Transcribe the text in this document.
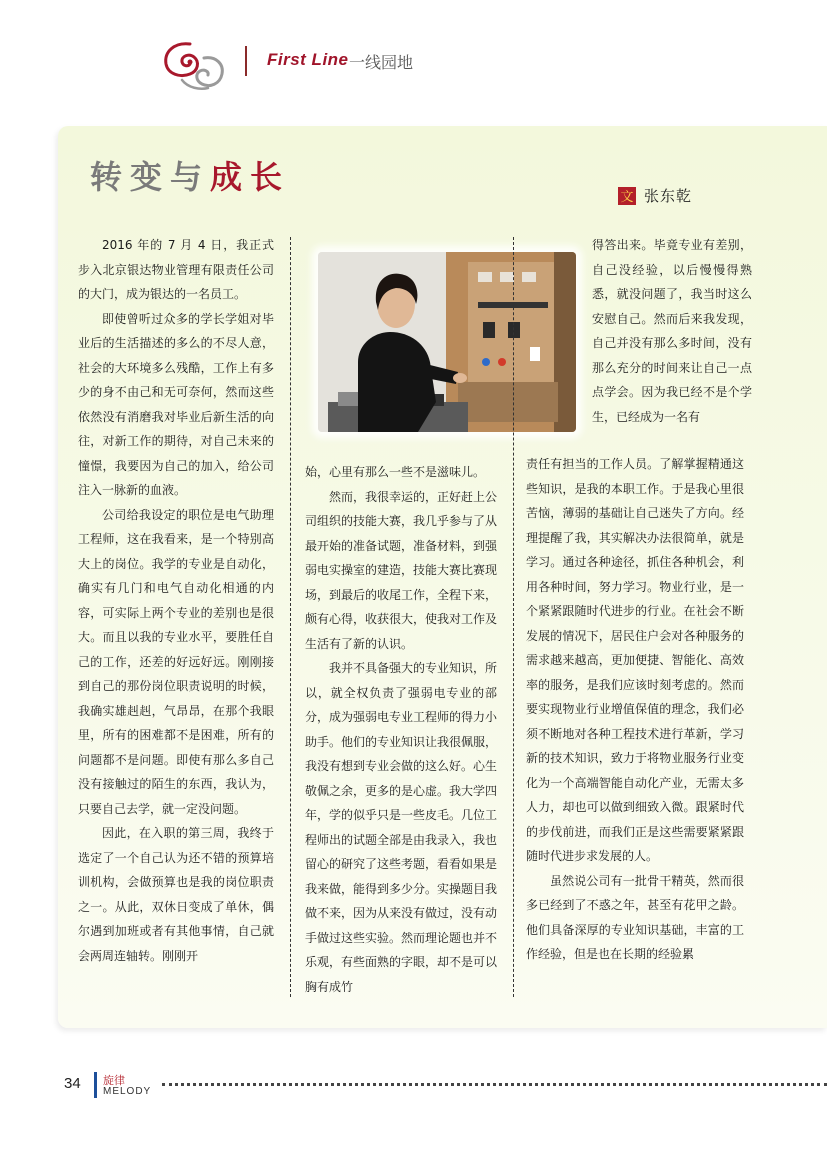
First Line 一线园地
转变与成长
文 张东乾

2016 年的 7 月 4 日，我正式步入北京银达物业管理有限责任公司的大门，成为银达的一名员工。

即使曾听过众多的学长学姐对毕业后的生活描述的多么的不尽人意，社会的大环境多么残酷，工作上有多少的身不由己和无可奈何，然而这些依然没有消磨我对毕业后新生活的向往，对新工作的期待，对自己未来的憧憬，我要因为自己的加入，给公司注入一脉新的血液。

公司给我设定的职位是电气助理工程师，这在我看来，是一个特别高大上的岗位。我学的专业是自动化，确实有几门和电气自动化相通的内容，可实际上两个专业的差别也是很大。而且以我的专业水平，要胜任自己的工作，还差的好远好远。刚刚接到自己的那份岗位职责说明的时候，我确实雄赳赳，气昂昂，在那个我眼里，所有的困难都不是困难，所有的问题都不是问题。即使有那么多自己没有接触过的陌生的东西，我认为，只要自己去学，就一定没问题。

因此，在入职的第三周，我终于选定了一个自己认为还不错的预算培训机构，会做预算也是我的岗位职责之一。从此，双休日变成了单休，偶尔遇到加班或者有其他事情，自己就会两周连轴转。刚刚开

始，心里有那么一些不是滋味儿。

然而，我很幸运的，正好赶上公司组织的技能大赛，我几乎参与了从最开始的准备试题，准备材料，到强弱电实操室的建造，技能大赛比赛现场，到最后的收尾工作，全程下来，颇有心得，收获很大，使我对工作及生活有了新的认识。

我并不具备强大的专业知识，所以，就全权负责了强弱电专业的部分，成为强弱电专业工程师的得力小助手。他们的专业知识让我很佩服，我没有想到专业会做的这么好。心生敬佩之余，更多的是心虚。我大学四年，学的似乎只是一些皮毛。几位工程师出的试题全部是由我录入，我也留心的研究了这些考题，看看如果是我来做，能得到多少分。实操题目我做不来，因为从来没有做过，没有动手做过这些实验。然而理论题也并不乐观，有些面熟的字眼，却不是可以胸有成竹

得答出来。毕竟专业有差别，自己没经验，以后慢慢得熟悉，就没问题了，我当时这么安慰自己。然而后来我发现，自己并没有那么多时间，没有那么充分的时间来让自己一点点学会。因为我已经不是个学生，已经成为一名有

责任有担当的工作人员。了解掌握精通这些知识，是我的本职工作。于是我心里很苦恼，薄弱的基础让自己迷失了方向。经理提醒了我，其实解决办法很简单，就是学习。通过各种途径，抓住各种机会，利用各种时间，努力学习。物业行业，是一个紧紧跟随时代进步的行业。在社会不断发展的情况下，居民住户会对各种服务的需求越来越高，更加便捷、智能化、高效率的服务，是我们应该时刻考虑的。然而要实现物业行业增值保值的理念，我们必须不断地对各种工程技术进行革新，学习新的技术知识，致力于将物业服务行业变化为一个高端智能自动化产业，无需太多人力，却也可以做到细致入微。跟紧时代的步伐前进，而我们正是这些需要紧紧跟随时代进步求发展的人。

虽然说公司有一批骨干精英，然而很多已经到了不惑之年，甚至有花甲之龄。他们具备深厚的专业知识基础，丰富的工作经验，但是也在长期的经验累

34 旋律
MELODY
